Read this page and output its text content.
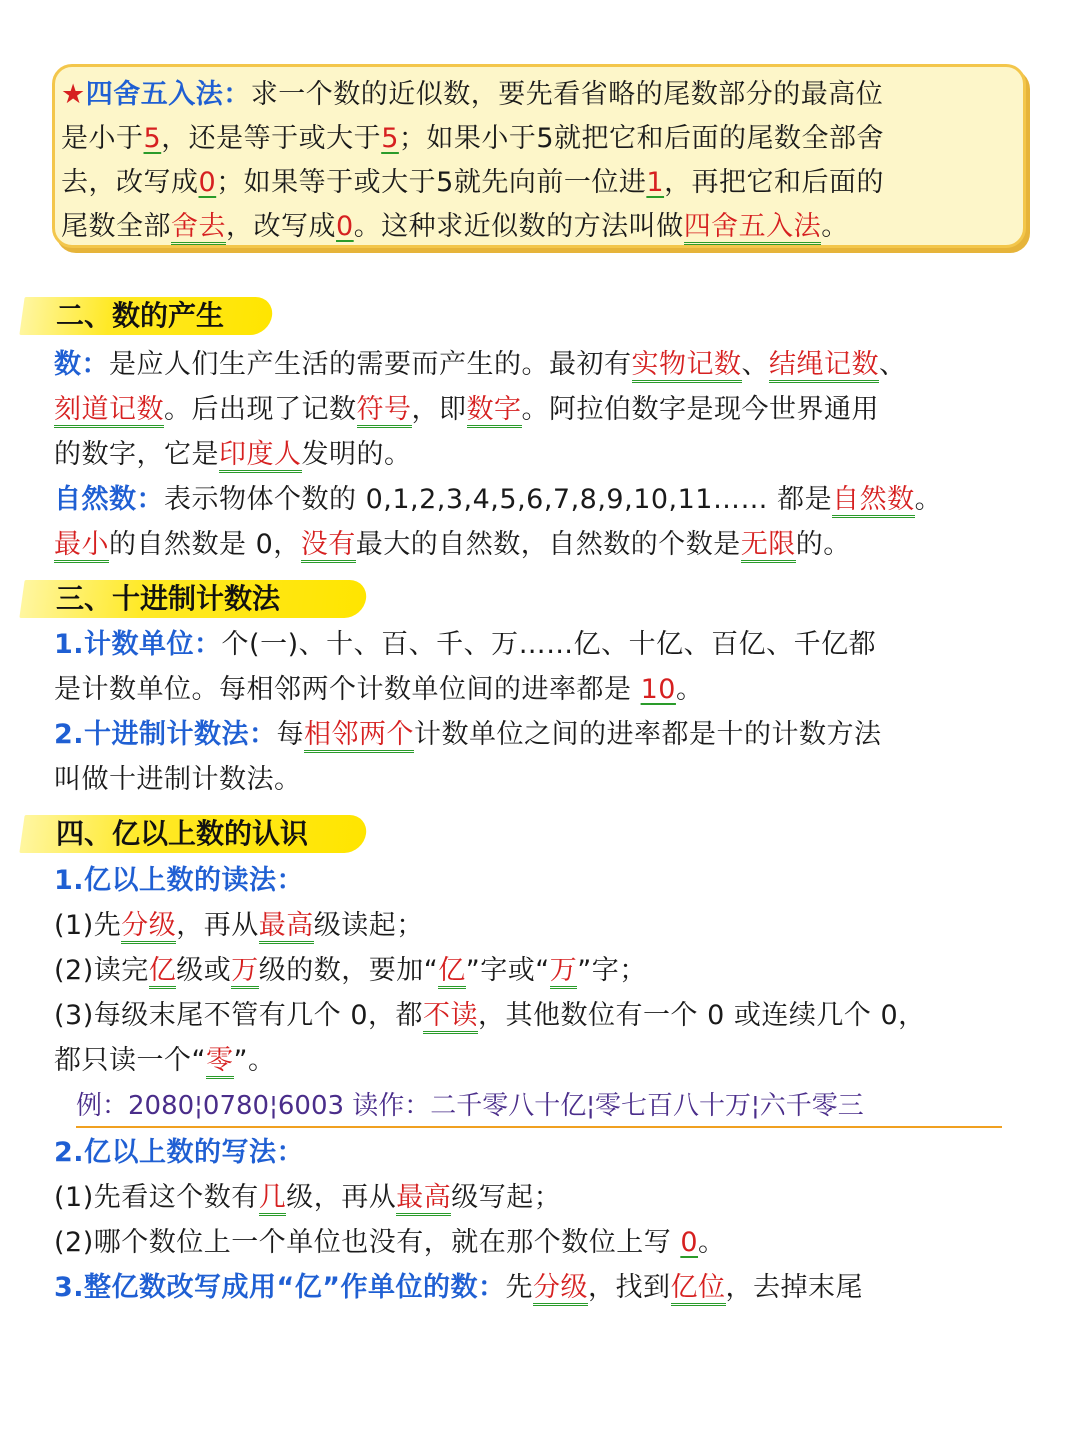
★四舍五入法：求一个数的近似数，要先看省略的尾数部分的最高位
是小于5，还是等于或大于5；如果小于5就把它和后面的尾数全部舍
去，改写成0；如果等于或大于5就先向前一位进1，再把它和后面的
尾数全部舍去，改写成0。这种求近似数的方法叫做四舍五入法。
二、数的产生
数：是应人们生产生活的需要而产生的。最初有实物记数、结绳记数、
刻道记数。后出现了记数符号，即数字。阿拉伯数字是现今世界通用
的数字，它是印度人发明的。
自然数：表示物体个数的 0,1,2,3,4,5,6,7,8,9,10,11…… 都是自然数。
最小的自然数是 0，没有最大的自然数，自然数的个数是无限的。
三、十进制计数法
1.计数单位：个(一)、十、百、千、万……亿、十亿、百亿、千亿都
是计数单位。每相邻两个计数单位间的进率都是 10。
2.十进制计数法：每相邻两个计数单位之间的进率都是十的计数方法
叫做十进制计数法。
四、亿以上数的认识
1.亿以上数的读法：
(1)先分级，再从最高级读起；
(2)读完亿级或万级的数，要加“亿”字或“万”字；
(3)每级末尾不管有几个 0，都不读，其他数位有一个 0 或连续几个 0，
都只读一个“零”。
例：2080¦0780¦6003 读作：二千零八十亿¦零七百八十万¦六千零三
2.亿以上数的写法：
(1)先看这个数有几级，再从最高级写起；
(2)哪个数位上一个单位也没有，就在那个数位上写 0。
3.整亿数改写成用“亿”作单位的数：先分级，找到亿位，去掉末尾
